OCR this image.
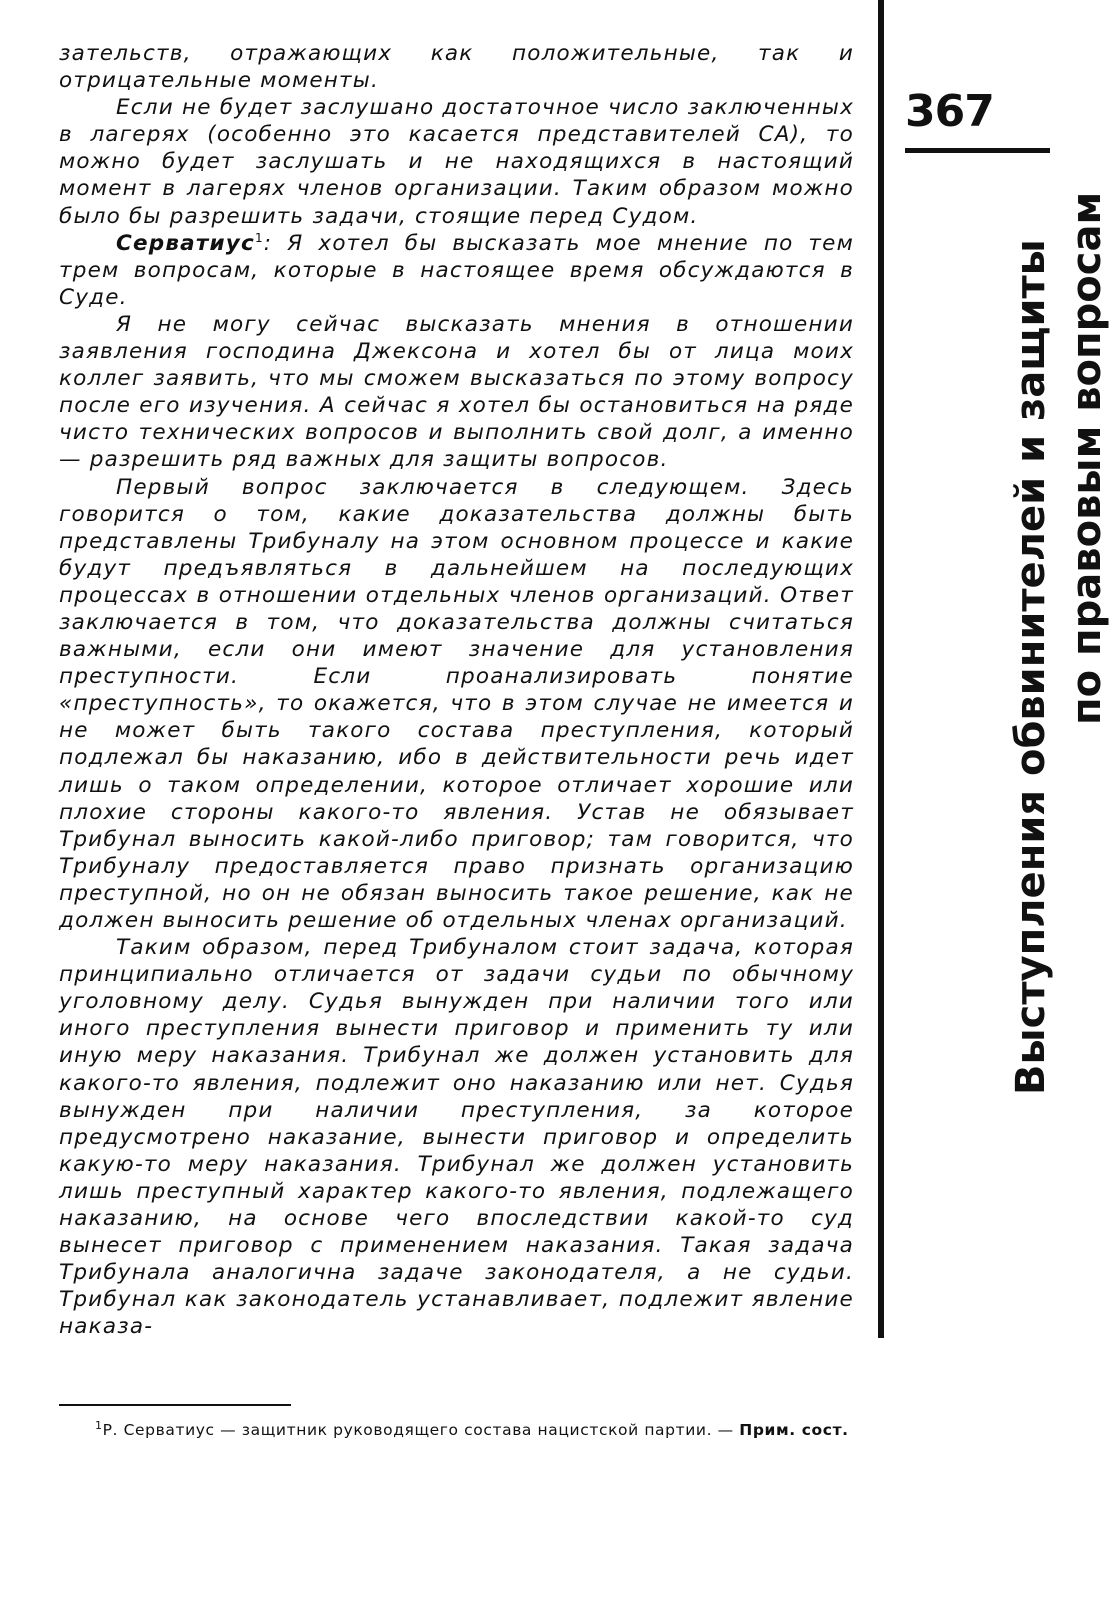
зательств, отражающих как положительные, так и отрицательные моменты.

Если не будет заслушано достаточное число заключенных в лагерях (особенно это касается представителей СА), то можно будет заслушать и не находящихся в настоящий момент в лагерях членов организации. Таким образом можно было бы разрешить задачи, стоящие перед Судом.

Серватиус$^1$: Я хотел бы высказать мое мнение по тем трем вопросам, которые в настоящее время обсуждаются в Суде.

Я не могу сейчас высказать мнения в отношении заявления господина Джексона и хотел бы от лица моих коллег заявить, что мы сможем высказаться по этому вопросу после его изучения. А сейчас я хотел бы остановиться на ряде чисто технических вопросов и выполнить свой долг, а именно — разрешить ряд важных для защиты вопросов.

Первый вопрос заключается в следующем. Здесь говорится о том, какие доказательства должны быть представлены Трибуналу на этом основном процессе и какие будут предъявляться в дальнейшем на последующих процессах в отношении отдельных членов организаций. Ответ заключается в том, что доказательства должны считаться важными, если они имеют значение для установления преступности. Если проанализировать понятие «преступность», то окажется, что в этом случае не имеется и не может быть такого состава преступления, который подлежал бы наказанию, ибо в действительности речь идет лишь о таком определении, которое отличает хорошие или плохие стороны какого-то явления. Устав не обязывает Трибунал выносить какой-либо приговор; там говорится, что Трибуналу предоставляется право признать организацию преступной, но он не обязан выносить такое решение, как не должен выносить решение об отдельных членах организаций.

Таким образом, перед Трибуналом стоит задача, которая принципиально отличается от задачи судьи по обычному уголовному делу. Судья вынужден при наличии того или иного преступления вынести приговор и применить ту или иную меру наказания. Трибунал же должен установить для какого-то явления, подлежит оно наказанию или нет. Судья вынужден при наличии преступления, за которое предусмотрено наказание, вынести приговор и определить какую-то меру наказания. Трибунал же должен установить лишь преступный характер какого-то явления, подлежащего наказанию, на основе чего впоследствии какой-то суд вынесет приговор с применением наказания. Такая задача Трибунала аналогична задаче законодателя, а не судьи. Трибунал как законодатель устанавливает, подлежит явление наказа-

367
Выступления обвинителей и защиты по правовым вопросам
$^1$Р. Серватиус — защитник руководящего состава нацистской партии. — Прим. сост.
